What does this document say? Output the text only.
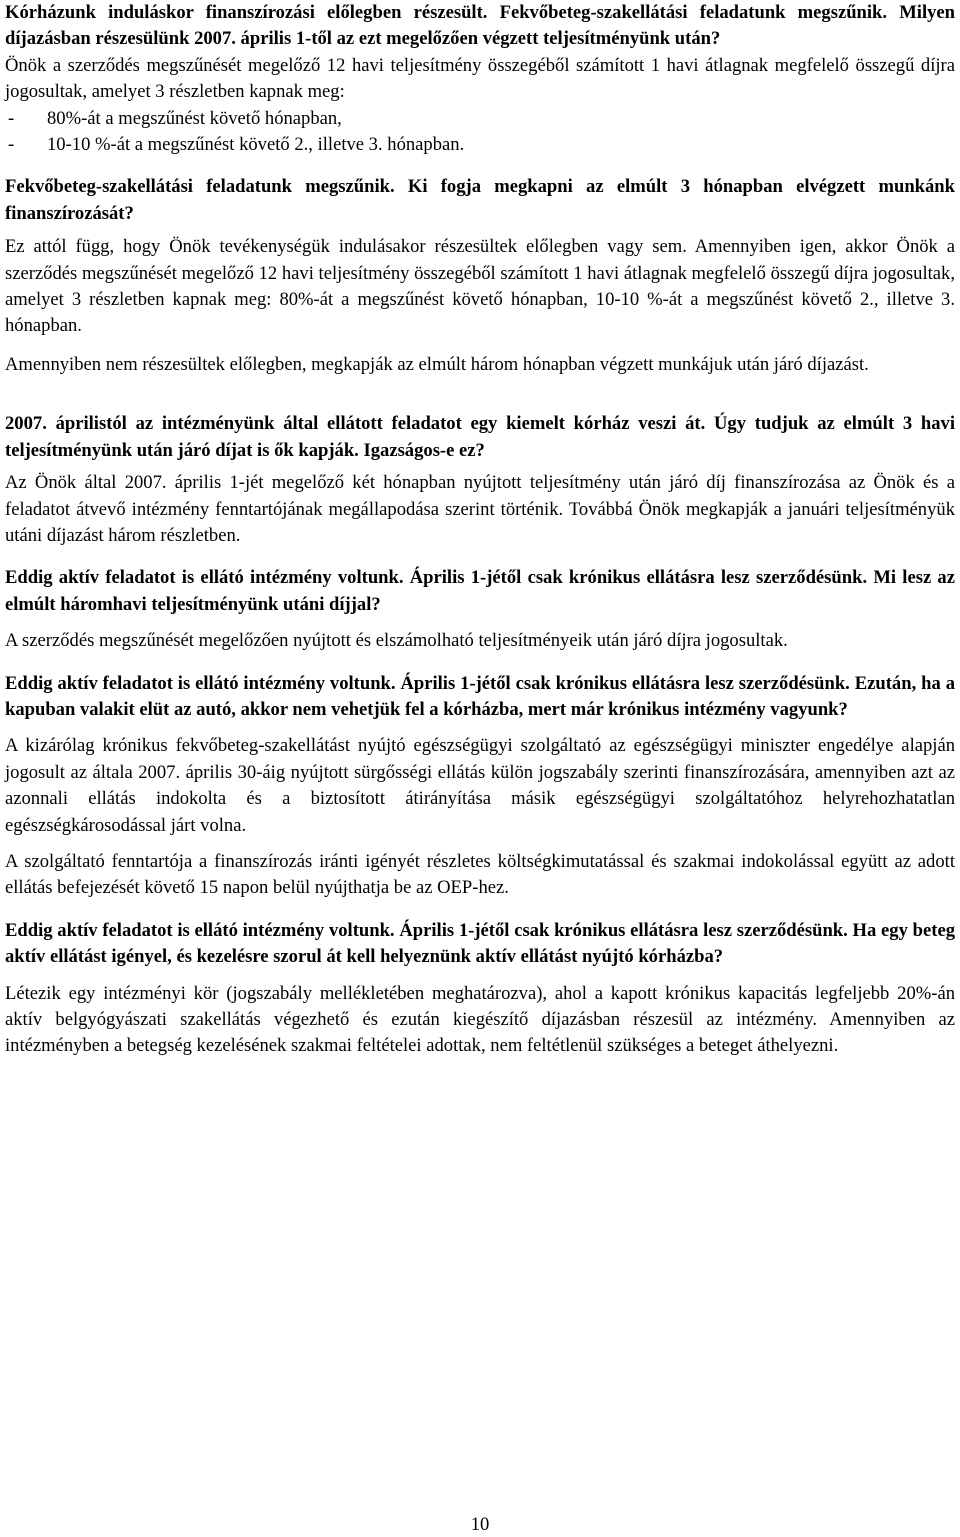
Kórházunk induláskor finanszírozási előlegben részesült. Fekvőbeteg-szakellátási feladatunk megszűnik. Milyen díjazásban részesülünk 2007. április 1-től az ezt megelőzően végzett teljesítményünk után?

Önök a szerződés megszűnését megelőző 12 havi teljesítmény összegéből számított 1 havi átlagnak megfelelő összegű díjra jogosultak, amelyet 3 részletben kapnak meg:

- 80%-át a megszűnést követő hónapban,
- 10-10 %-át a megszűnést követő 2., illetve 3. hónapban.

Fekvőbeteg-szakellátási feladatunk megszűnik. Ki fogja megkapni az elmúlt 3 hónapban elvégzett munkánk finanszírozását?

Ez attól függ, hogy Önök tevékenységük indulásakor részesültek előlegben vagy sem. Amennyiben igen, akkor Önök a szerződés megszűnését megelőző 12 havi teljesítmény összegéből számított 1 havi átlagnak megfelelő összegű díjra jogosultak, amelyet 3 részletben kapnak meg: 80%-át a megszűnést követő hónapban, 10-10 %-át a megszűnést követő 2., illetve 3. hónapban.

Amennyiben nem részesültek előlegben, megkapják az elmúlt három hónapban végzett munkájuk után járó díjazást.

2007. áprilistól az intézményünk által ellátott feladatot egy kiemelt kórház veszi át. Úgy tudjuk az elmúlt 3 havi teljesítményünk után járó díjat is ők kapják. Igazságos-e ez?

Az Önök által 2007. április 1-jét megelőző két hónapban nyújtott teljesítmény után járó díj finanszírozása az Önök és a feladatot átvevő intézmény fenntartójának megállapodása szerint történik. Továbbá Önök megkapják a januári teljesítményük utáni díjazást három részletben.

Eddig aktív feladatot is ellátó intézmény voltunk. Április 1-jétől csak krónikus ellátásra lesz szerződésünk. Mi lesz az elmúlt háromhavi teljesítményünk utáni díjjal?

A szerződés megszűnését megelőzően nyújtott és elszámolható teljesítményeik után járó díjra jogosultak.

Eddig aktív feladatot is ellátó intézmény voltunk. Április 1-jétől csak krónikus ellátásra lesz szerződésünk. Ezután, ha a kapuban valakit elüt az autó, akkor nem vehetjük fel a kórházba, mert már krónikus intézmény vagyunk?

A kizárólag krónikus fekvőbeteg-szakellátást nyújtó egészségügyi szolgáltató az egészségügyi miniszter engedélye alapján jogosult az általa 2007. április 30-áig nyújtott sürgősségi ellátás külön jogszabály szerinti finanszírozására, amennyiben azt az azonnali ellátás indokolta és a biztosított átirányítása másik egészségügyi szolgáltatóhoz helyrehozhatatlan egészségkárosodással járt volna.

A szolgáltató fenntartója a finanszírozás iránti igényét részletes költségkimutatással és szakmai indokolással együtt az adott ellátás befejezését követő 15 napon belül nyújthatja be az OEP-hez.

Eddig aktív feladatot is ellátó intézmény voltunk. Április 1-jétől csak krónikus ellátásra lesz szerződésünk. Ha egy beteg aktív ellátást igényel, és kezelésre szorul át kell helyeznünk aktív ellátást nyújtó kórházba?

Létezik egy intézményi kör (jogszabály mellékletében meghatározva), ahol a kapott krónikus kapacitás legfeljebb 20%-án aktív belgyógyászati szakellátás végezhető és ezután kiegészítő díjazásban részesül az intézmény. Amennyiben az intézményben a betegség kezelésének szakmai feltételei adottak, nem feltétlenül szükséges a beteget áthelyezni.

10
